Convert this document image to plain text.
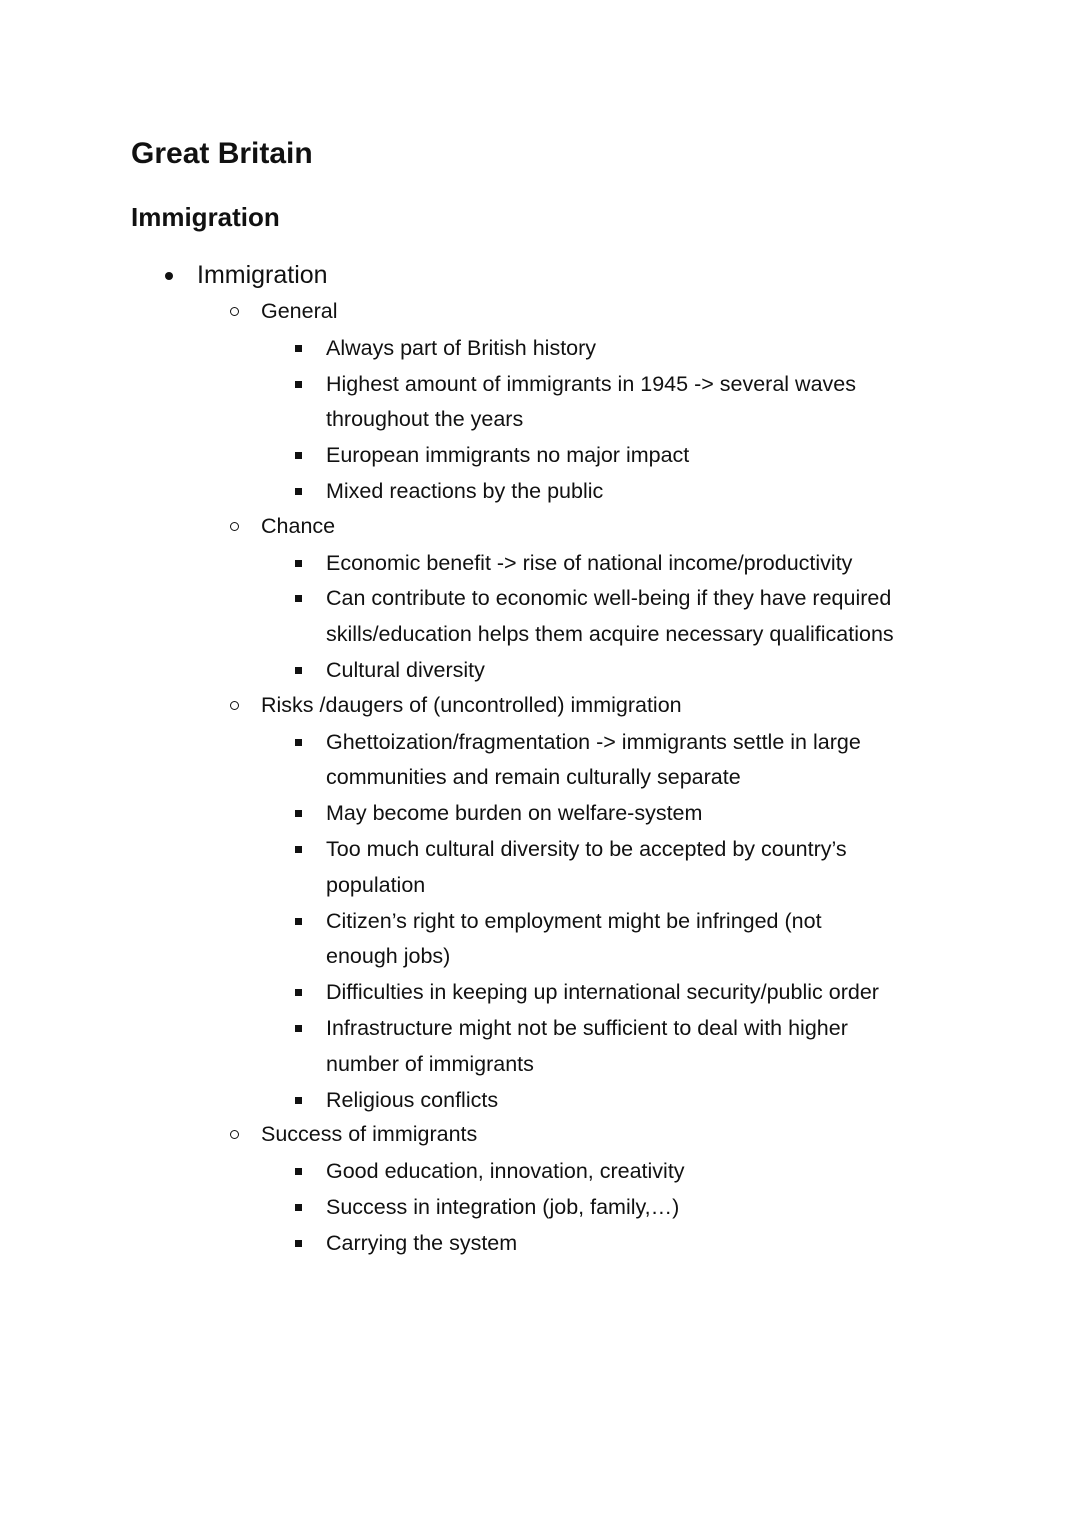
Great Britain
Immigration
Immigration
General
Always part of British history
Highest amount of immigrants in 1945 -> several waves
throughout the years
European immigrants no major impact
Mixed reactions by the public
Chance
Economic benefit -> rise of national income/productivity
Can contribute to economic well-being if they have required
skills/education helps them acquire necessary qualifications
Cultural diversity
Risks /daugers of (uncontrolled) immigration
Ghettoization/fragmentation -> immigrants settle in large
communities and remain culturally separate
May become burden on welfare-system
Too much cultural diversity to be accepted by country’s
population
Citizen’s right to employment might be infringed (not
enough jobs)
Difficulties in keeping up international security/public order
Infrastructure might not be sufficient to deal with higher
number of immigrants
Religious conflicts
Success of immigrants
Good education, innovation, creativity
Success in integration (job, family,…)
Carrying the system
